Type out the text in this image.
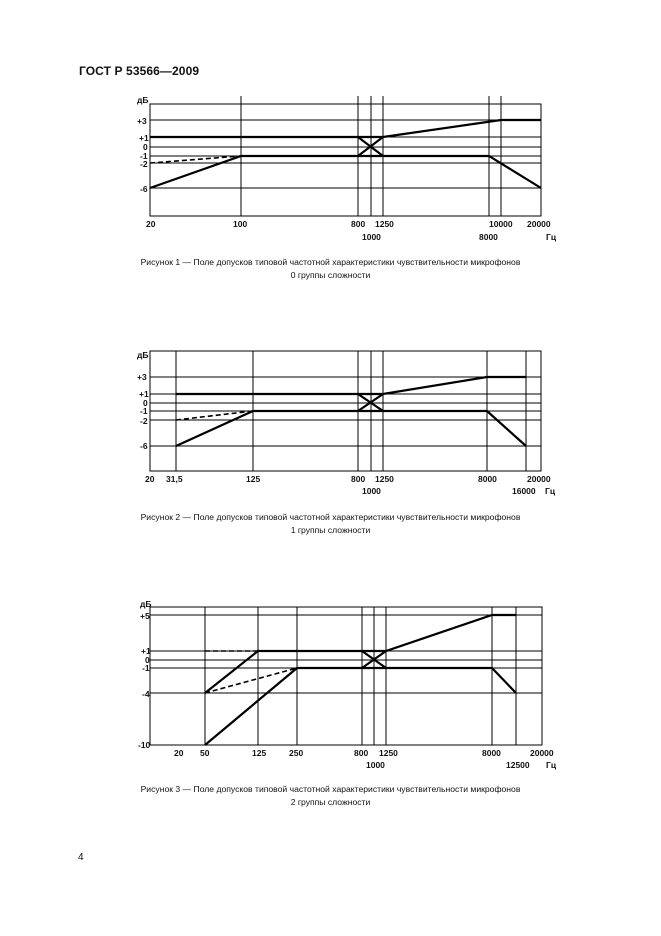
ГОСТ Р 53566—2009
дБ
+3
+1
0
-1
-2
-6
20	100	800 1250	10000 20000
1000	8000	Гц
Рисунок 1 — Поле допусков типовой частотной характеристики чувствительности микрофонов
0 группы сложности
дБ
+3
+1
0
-1
-2
-6
20 31,5	125	800 1250	8000	20000
1000	16000 Гц
Рисунок 2 — Поле допусков типовой частотной характеристики чувствительности микрофонов
1 группы сложности
дБ
+5
+1
0
-1
-4
-10
20 50	125	250	800 1250	8000	20000
1000	12500 Гц
Рисунок 3 — Поле допусков типовой частотной характеристики чувствительности микрофонов
2 группы сложности
4
